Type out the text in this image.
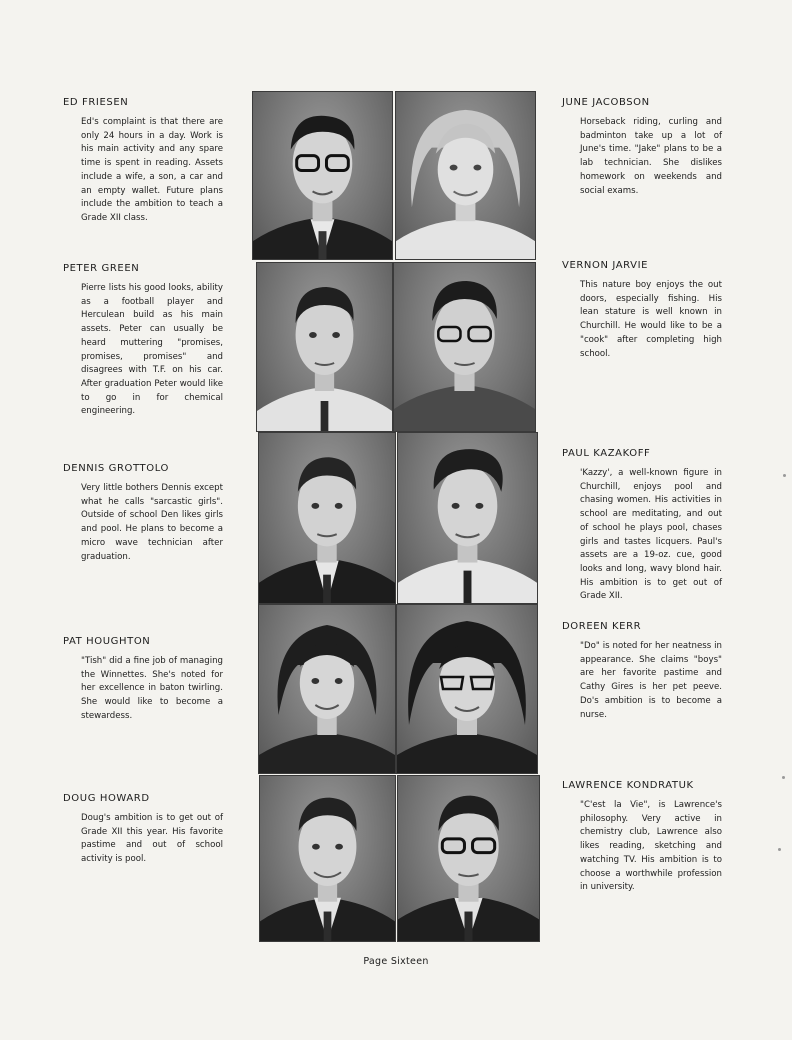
ED FRIESEN

Ed's complaint is that there are only 24 hours in a day. Work is his main activity and any spare time is spent in reading. Assets include a wife, a son, a car and an empty wallet. Future plans include the ambition to teach a Grade XII class.

PETER GREEN

Pierre lists his good looks, ability as a football player and Herculean build as his main assets. Peter can usually be heard muttering "promises, promises, promises" and disagrees with T.F. on his car. After graduation Peter would like to go in for chemical engineering.

DENNIS GROTTOLO

Very little bothers Dennis except what he calls "sarcastic girls". Outside of school Den likes girls and pool. He plans to become a micro wave technician after graduation.

PAT HOUGHTON

"Tish" did a fine job of managing the Winnettes. She's noted for her excellence in baton twirling. She would like to become a stewardess.

DOUG HOWARD

Doug's ambition is to get out of Grade XII this year. His favorite pastime and out of school activity is pool.

JUNE JACOBSON

Horseback riding, curling and badminton take up a lot of June's time. "Jake" plans to be a lab technician. She dislikes homework on weekends and social exams.

VERNON JARVIE

This nature boy enjoys the out doors, especially fishing. His lean stature is well known in Churchill. He would like to be a "cook" after completing high school.

PAUL KAZAKOFF

'Kazzy', a well-known figure in Churchill, enjoys pool and chasing women. His activities in school are meditating, and out of school he plays pool, chases girls and tastes licquers. Paul's assets are a 19-oz. cue, good looks and long, wavy blond hair. His ambition is to get out of Grade XII.

DOREEN KERR

"Do" is noted for her neatness in appearance. She claims "boys" are her favorite pastime and Cathy Gires is her pet peeve. Do's ambition is to become a nurse.

LAWRENCE KONDRATUK

"C'est la Vie", is Lawrence's philosophy. Very active in chemistry club, Lawrence also likes reading, sketching and watching TV. His ambition is to choose a worthwhile profession in university.

Page Sixteen
